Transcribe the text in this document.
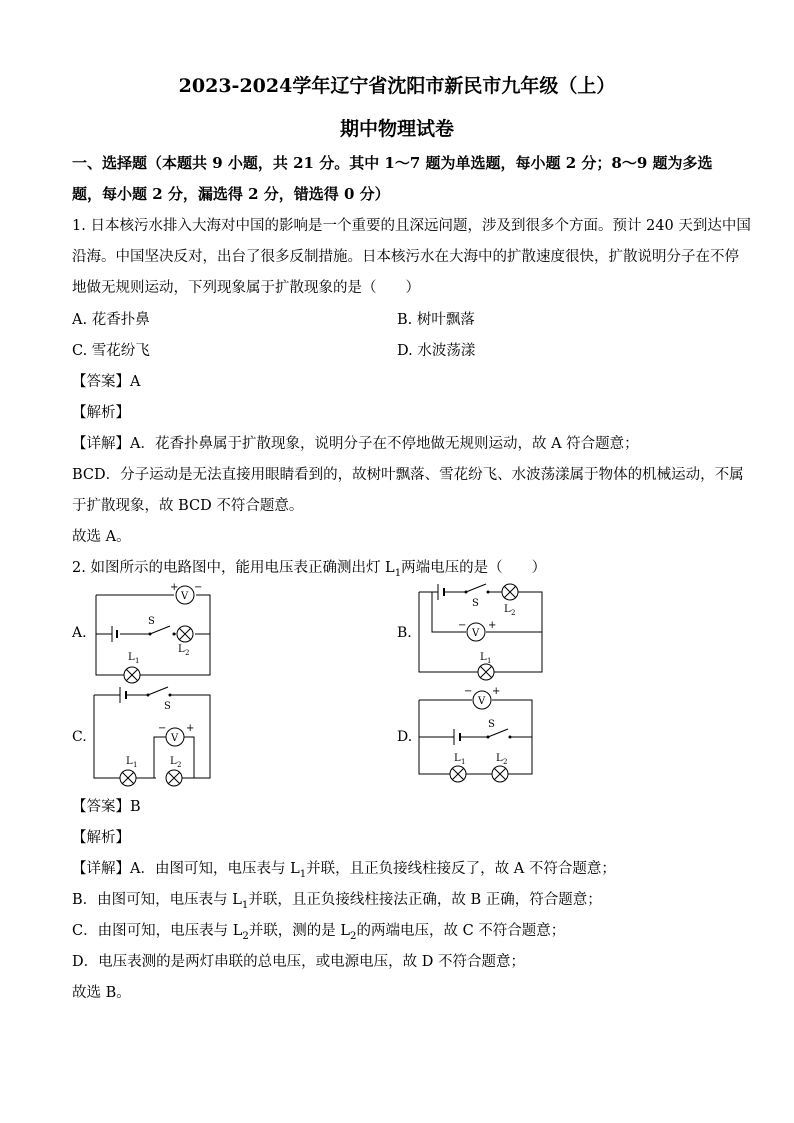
2023-2024学年辽宁省沈阳市新民市九年级（上）
期中物理试卷
一、选择题（本题共 9 小题，共 21 分。其中 1～7 题为单选题，每小题 2 分；8～9 题为多选
题，每小题 2 分，漏选得 2 分，错选得 0 分）
1. 日本核污水排入大海对中国的影响是一个重要的且深远问题，涉及到很多个方面。预计 240 天到达中国
沿海。中国坚决反对，出台了很多反制措施。日本核污水在大海中的扩散速度很快，扩散说明分子在不停
地做无规则运动，下列现象属于扩散现象的是（　　）
A. 花香扑鼻	B. 树叶飘落
C. 雪花纷飞	D. 水波荡漾
【答案】A
【解析】
【详解】A．花香扑鼻属于扩散现象，说明分子在不停地做无规则运动，故 A 符合题意；
BCD．分子运动是无法直接用眼睛看到的，故树叶飘落、雪花纷飞、水波荡漾属于物体的机械运动，不属
于扩散现象，故 BCD 不符合题意。
故选 A。
2. 如图所示的电路图中，能用电压表正确测出灯 $L_1$两端电压的是（　　）
A.	B.
C.	D.
V
+ −
S
L 2
L 1
V
− +
S
L 2
L 1
V
− +
S
L 1	L 2
V
− +
S
L 1	L 2
【答案】B
【解析】
【详解】A．由图可知，电压表与 $L_1$并联，且正负接线柱接反了，故 A 不符合题意；
B．由图可知，电压表与 $L_1$并联，且正负接线柱接法正确，故 B 正确，符合题意；
C．由图可知，电压表与 $L_2$并联，测的是 $L_2$的两端电压，故 C 不符合题意；
D．电压表测的是两灯串联的总电压，或电源电压，故 D 不符合题意；
故选 B。
